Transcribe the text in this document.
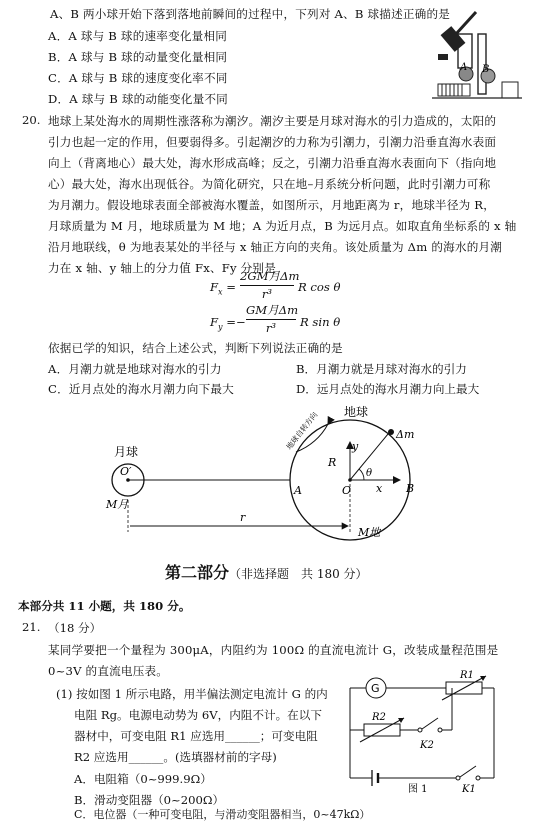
A、B 两小球开始下落到落地前瞬间的过程中，下列对 A、B 球描述正确的是
A．A 球与 B 球的速率变化量相同
B．A 球与 B 球的动量变化量相同
C．A 球与 B 球的速度变化率不同
D．A 球与 B 球的动能变化量不同
A B
20. 地球上某处海水的周期性涨落称为潮汐。潮汐主要是月球对海水的引力造成的，太阳的
引力也起一定的作用，但要弱得多。引起潮汐的力称为引潮力，引潮力沿垂直海水表面
向上（背离地心）最大处，海水形成高峰；反之，引潮力沿垂直海水表面向下（指向地
心）最大处，海水出现低谷。为简化研究，只在地–月系统分析问题，此时引潮力可称
为月潮力。假设地球表面全部被海水覆盖，如图所示，月地距离为 r，地球半径为 R，
月球质量为 M 月，地球质量为 M 地；A 为近月点，B 为远月点。如取直角坐标系的 x 轴
沿月地联线，θ 为地表某处的半径与 x 轴正方向的夹角。该处质量为 Δm 的海水的月潮
力在 x 轴、y 轴上的分力值 Fx、Fy 分别是
$F_x$ =
2GM月Δm
r³	R cos θ
$F_y$ =−
GM月Δm
r³	R sin θ
依据已学的知识，结合上述公式，判断下列说法正确的是
A．月潮力就是地球对海水的引力	B．月潮力就是月球对海水的引力
C．近月点处的海水月潮力向下最大	D．远月点处的海水月潮力向上最大
月球
O′
M月
地球
地球自转方向	Δm
y
x
θ
R
O
A	B
M地
r
第二部分（非选择题　共 180 分）
本部分共 11 小题，共 180 分。
21. （18 分）
某同学要把一个量程为 300μA，内阻约为 100Ω 的直流电流计 G，改装成量程范围是
0~3V 的直流电压表。
(1) 按如图 1 所示电路，用半偏法测定电流计 G 的内
电阻 Rg。电源电动势为 6V，内阻不计。在以下
器材中，可变电阻 R1 应选用______；可变电阻
R2 应选用______。(选填器材前的字母)
A．电阻箱（0~999.9Ω）
B．滑动变阻器（0~200Ω）
C．电位器（一种可变电阻，与滑动变阻器相当，0~47kΩ）
G
R1
R2
K2
K1
图 1
